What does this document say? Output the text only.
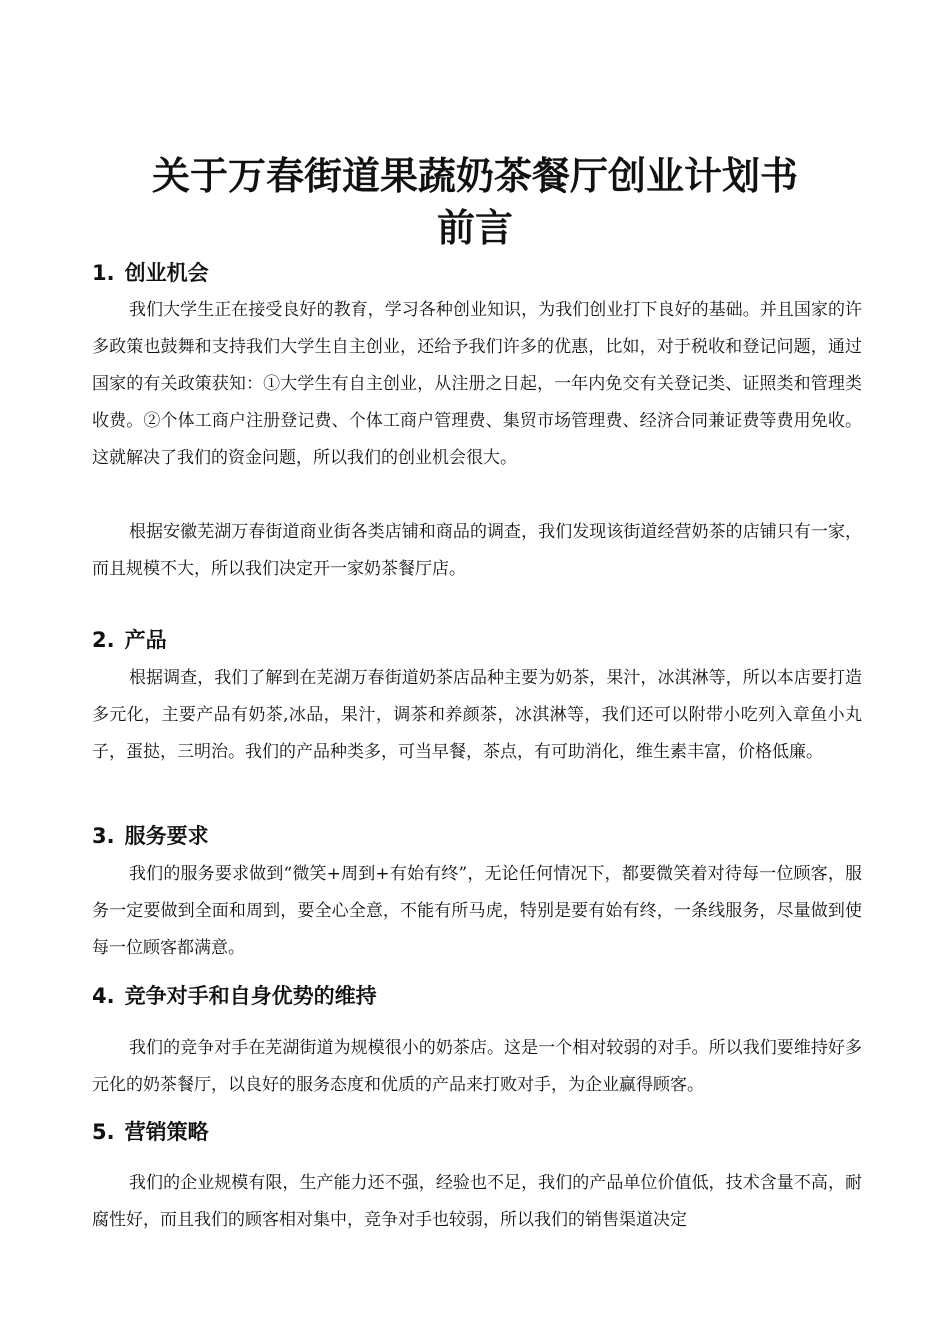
关于万春街道果蔬奶茶餐厅创业计划书
前言
1. 创业机会

我们大学生正在接受良好的教育，学习各种创业知识，为我们创业打下良好的基础。并且国家的许多政策也鼓舞和支持我们大学生自主创业，还给予我们许多的优惠，比如，对于税收和登记问题，通过国家的有关政策获知：①大学生有自主创业，从注册之日起，一年内免交有关登记类、证照类和管理类收费。②个体工商户注册登记费、个体工商户管理费、集贸市场管理费、经济合同兼证费等费用免收。这就解决了我们的资金问题，所以我们的创业机会很大。

根据安徽芜湖万春街道商业街各类店铺和商品的调查，我们发现该街道经营奶茶的店铺只有一家，而且规模不大，所以我们决定开一家奶茶餐厅店。

2. 产品

根据调查，我们了解到在芜湖万春街道奶茶店品种主要为奶茶，果汁，冰淇淋等，所以本店要打造多元化，主要产品有奶茶,冰品，果汁，调茶和养颜茶，冰淇淋等，我们还可以附带小吃列入章鱼小丸子，蛋挞，三明治。我们的产品种类多，可当早餐，茶点，有可助消化，维生素丰富，价格低廉。

3. 服务要求

我们的服务要求做到“微笑+周到+有始有终”，无论任何情况下，都要微笑着对待每一位顾客，服务一定要做到全面和周到，要全心全意，不能有所马虎，特别是要有始有终，一条线服务，尽量做到使每一位顾客都满意。

4. 竞争对手和自身优势的维持

我们的竞争对手在芜湖街道为规模很小的奶茶店。这是一个相对较弱的对手。所以我们要维持好多元化的奶茶餐厅，以良好的服务态度和优质的产品来打败对手，为企业赢得顾客。

5. 营销策略

我们的企业规模有限，生产能力还不强，经验也不足，我们的产品单位价值低，技术含量不高，耐腐性好，而且我们的顾客相对集中，竞争对手也较弱，所以我们的销售渠道决定
